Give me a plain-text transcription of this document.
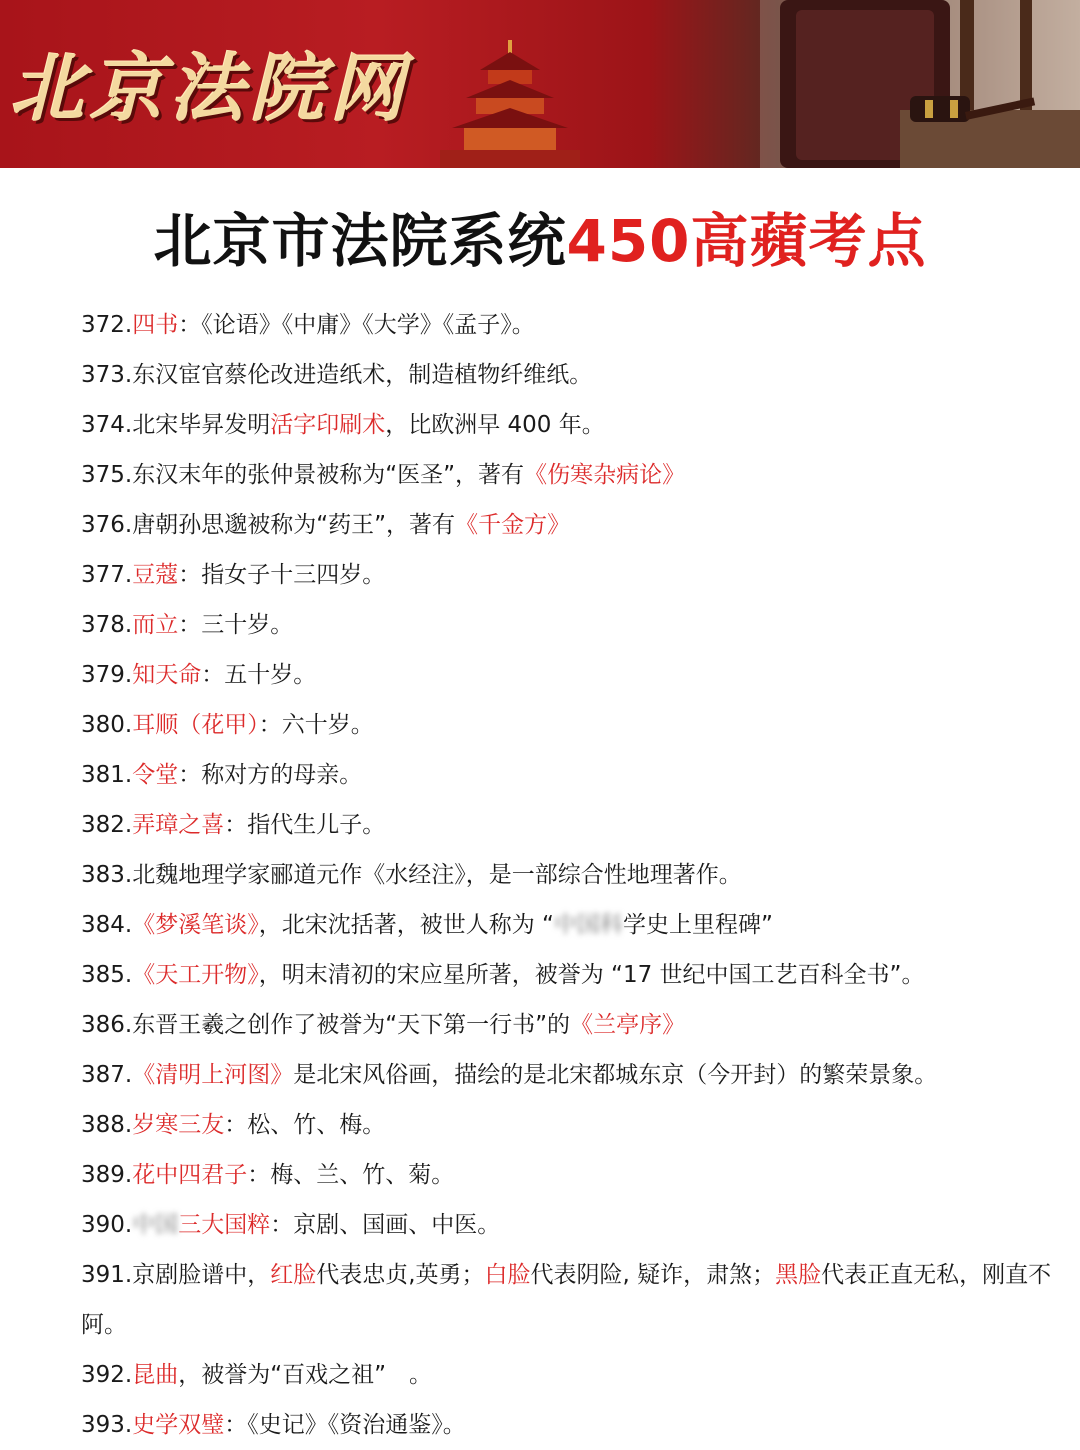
北京法院网
北京市法院系统450高蘋考点
372.四书：《论语》《中庸》《大学》《孟子》。
373.东汉宦官蔡伦改进造纸术，制造植物纤维纸。
374.北宋毕昇发明活字印刷术，比欧洲早 400 年。
375.东汉末年的张仲景被称为“医圣”，著有《伤寒杂病论》
376.唐朝孙思邈被称为“药王”，著有《千金方》
377.豆蔻：指女子十三四岁。
378.而立：三十岁。
379.知天命：五十岁。
380.耳顺（花甲）：六十岁。
381.令堂：称对方的母亲。
382.弄璋之喜：指代生儿子。
383.北魏地理学家郦道元作《水经注》，是一部综合性地理著作。
384.《梦溪笔谈》，北宋沈括著，被世人称为 “中国科学史上里程碑”
385.《天工开物》，明末清初的宋应星所著，被誉为 “17 世纪中国工艺百科全书”。
386.东晋王羲之创作了被誉为“天下第一行书”的《兰亭序》
387.《清明上河图》是北宋风俗画，描绘的是北宋都城东京（今开封）的繁荣景象。
388.岁寒三友：松、竹、梅。
389.花中四君子：梅、兰、竹、菊。
390.中国三大国粹：京剧、国画、中医。
391.京剧脸谱中，红脸代表忠贞,英勇；白脸代表阴险, 疑诈，肃煞；黑脸代表正直无私，刚直不阿。
392.昆曲，被誉为“百戏之祖”　。
393.史学双璧：《史记》《资治通鉴》。
